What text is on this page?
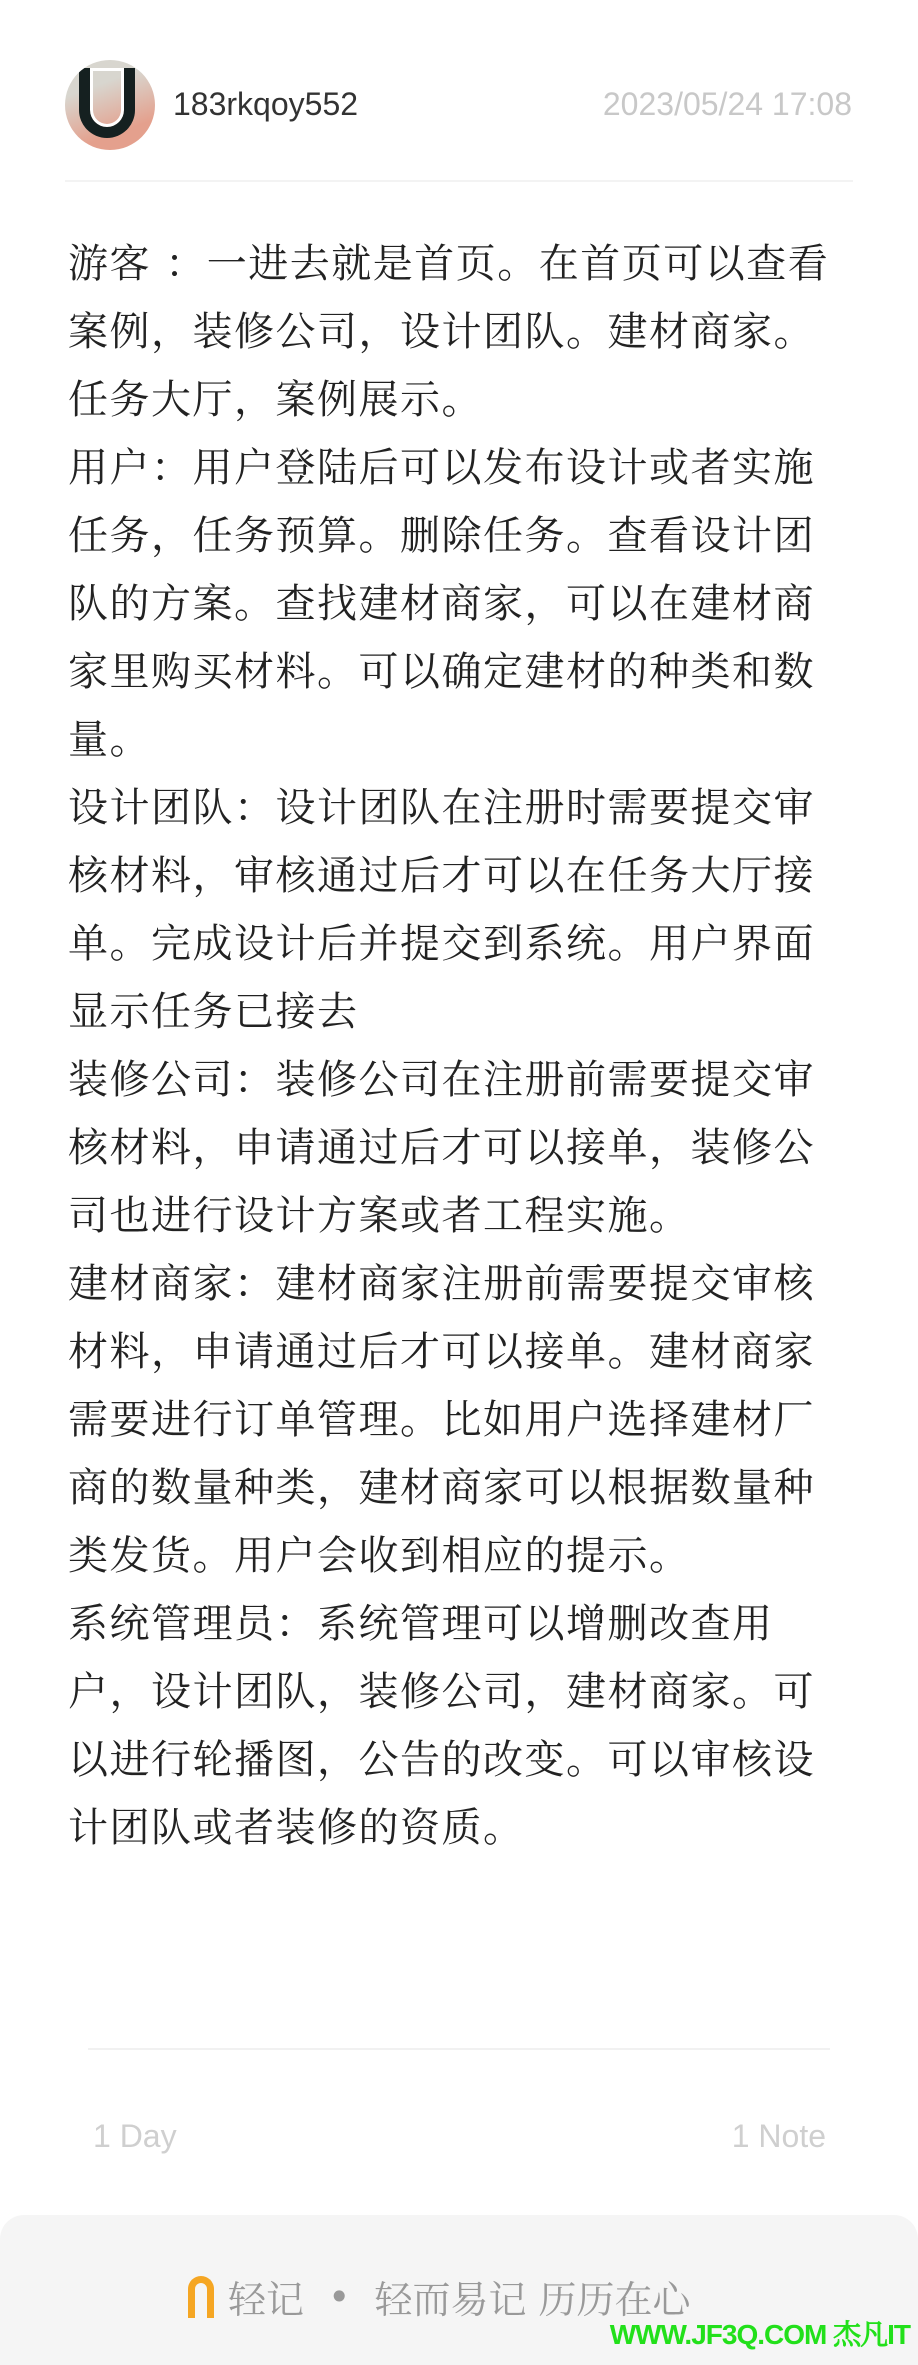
183rkqoy552	2023/05/24 17:08
游客 ：一进去就是首页。在首页可以查看
案例，装修公司，设计团队。建材商家。
任务大厅，案例展示。
用户：用户登陆后可以发布设计或者实施
任务，任务预算。删除任务。查看设计团
队的方案。查找建材商家，可以在建材商
家里购买材料。可以确定建材的种类和数
量。
设计团队：设计团队在注册时需要提交审
核材料，审核通过后才可以在任务大厅接
单。完成设计后并提交到系统。用户界面
显示任务已接去
装修公司：装修公司在注册前需要提交审
核材料，申请通过后才可以接单，装修公
司也进行设计方案或者工程实施。
建材商家：建材商家注册前需要提交审核
材料，申请通过后才可以接单。建材商家
需要进行订单管理。比如用户选择建材厂
商的数量种类，建材商家可以根据数量种
类发货。用户会收到相应的提示。
系统管理员：系统管理可以增删改查用
户，设计团队，装修公司，建材商家。可
以进行轮播图，公告的改变。可以审核设
计团队或者装修的资质。
1 Day	1 Note
轻记 • 轻而易记 历历在心
WWW.JF3Q.COM 杰凡IT
